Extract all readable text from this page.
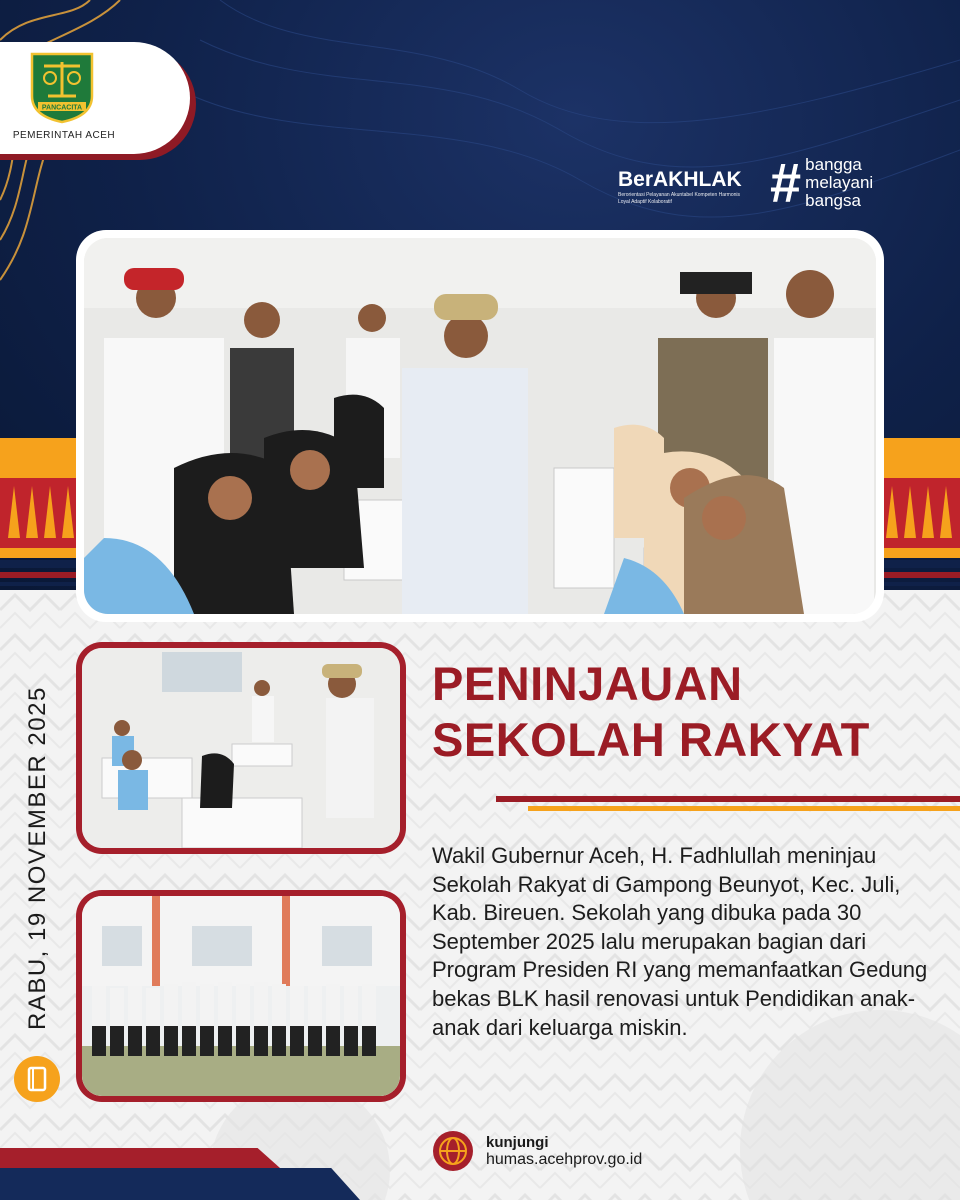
PANCACITA
PEMERINTAH ACEH
BerAKHLAK
Berorientasi Pelayanan Akuntabel Kompeten Harmonis Loyal Adaptif Kolaboratif	# bangga
melayani
bangsa
RABU, 19 NOVEMBER 2025
PENINJAUAN
SEKOLAH RAKYAT
Wakil Gubernur Aceh, H. Fadhlullah meninjau Sekolah Rakyat di Gampong Beunyot, Kec. Juli, Kab. Bireuen. Sekolah yang dibuka pada 30 September 2025 lalu merupakan bagian dari Program Presiden RI yang memanfaatkan Gedung bekas BLK hasil renovasi untuk Pendidikan anak-anak dari keluarga miskin.
kunjungi
humas.acehprov.go.id
